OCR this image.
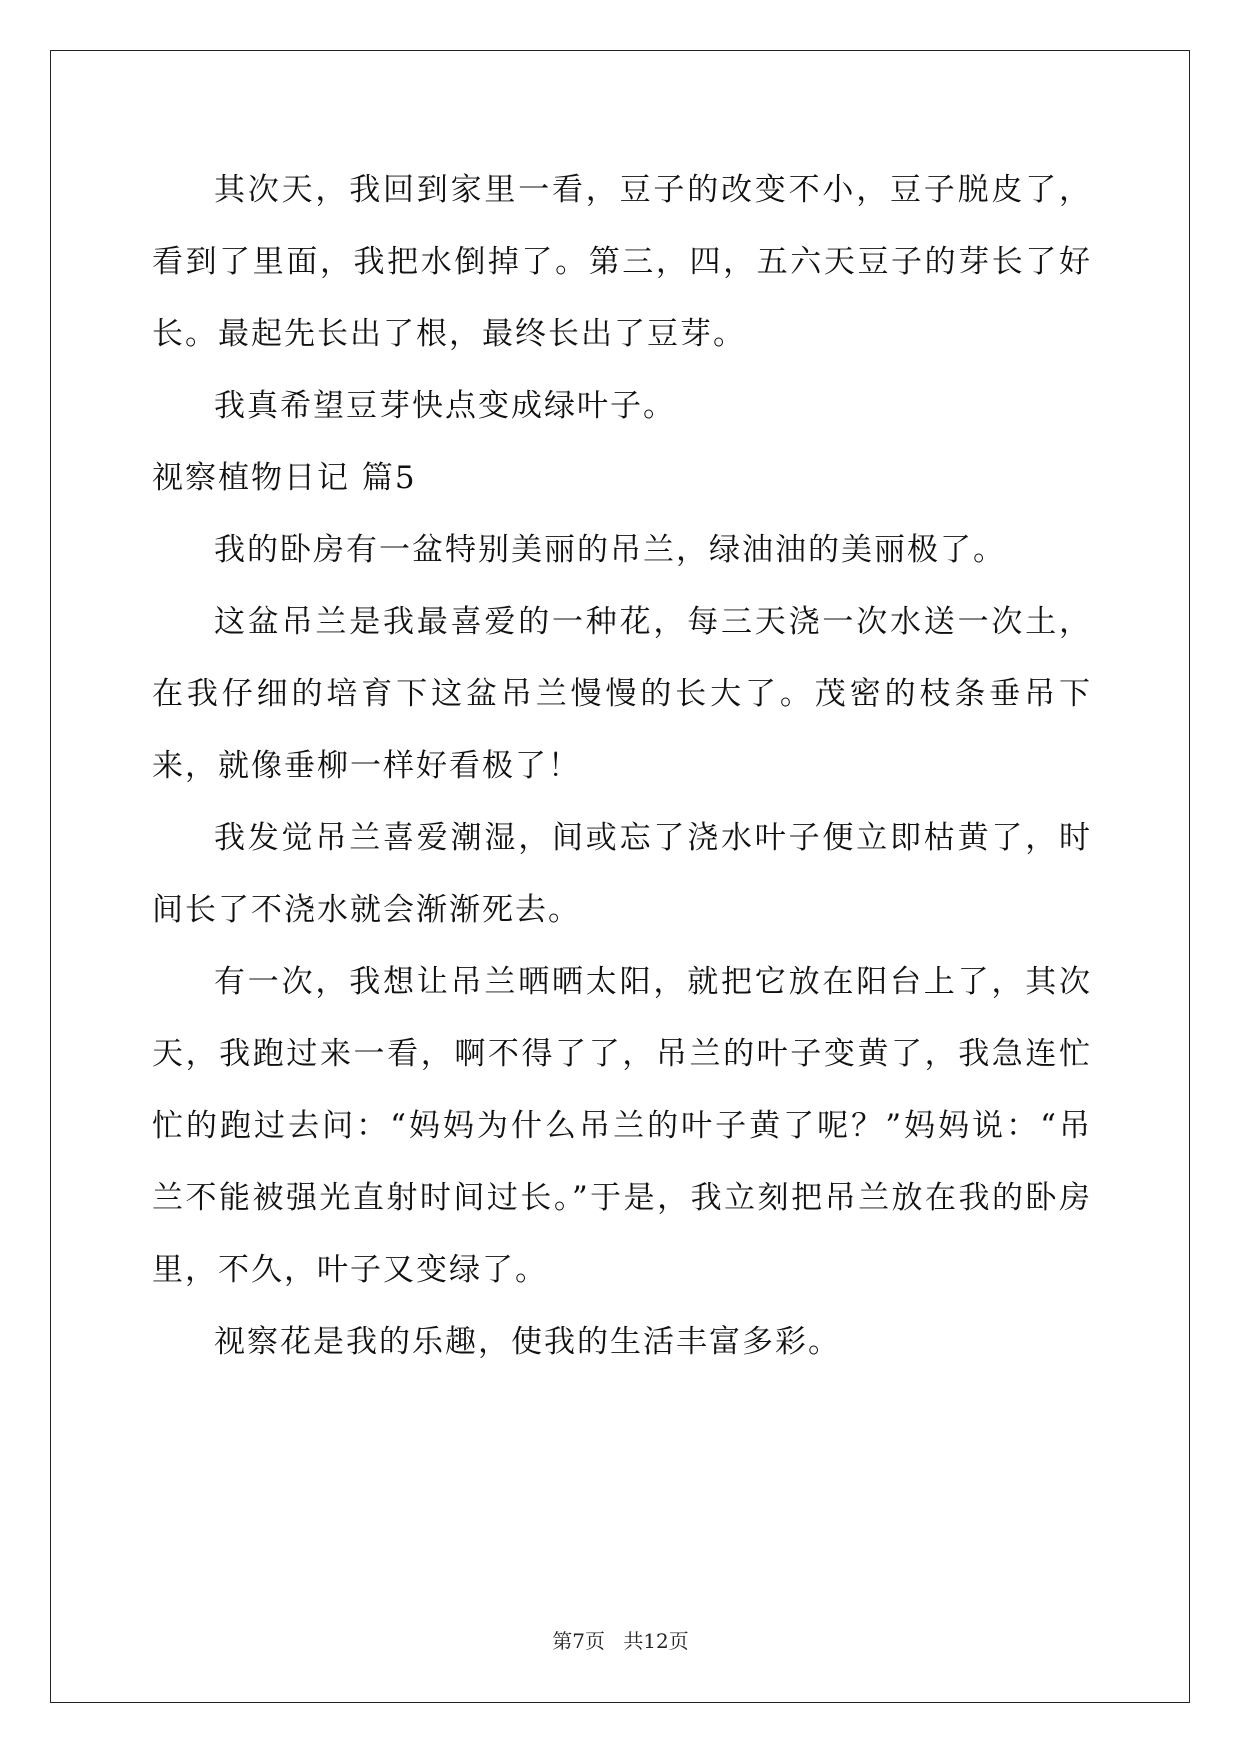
其次天，我回到家里一看，豆子的改变不小，豆子脱皮了，看到了里面，我把水倒掉了。第三，四，五六天豆子的芽长了好长。最起先长出了根，最终长出了豆芽。

我真希望豆芽快点变成绿叶子。

视察植物日记 篇5

我的卧房有一盆特别美丽的吊兰，绿油油的美丽极了。

这盆吊兰是我最喜爱的一种花，每三天浇一次水送一次土，在我仔细的培育下这盆吊兰慢慢的长大了。茂密的枝条垂吊下来，就像垂柳一样好看极了！

我发觉吊兰喜爱潮湿，间或忘了浇水叶子便立即枯黄了，时间长了不浇水就会渐渐死去。

有一次，我想让吊兰晒晒太阳，就把它放在阳台上了，其次天，我跑过来一看，啊不得了了，吊兰的叶子变黄了，我急连忙忙的跑过去问：“妈妈为什么吊兰的叶子黄了呢？”妈妈说：“吊兰不能被强光直射时间过长。”于是，我立刻把吊兰放在我的卧房里，不久，叶子又变绿了。

视察花是我的乐趣，使我的生活丰富多彩。

第7页 共12页
